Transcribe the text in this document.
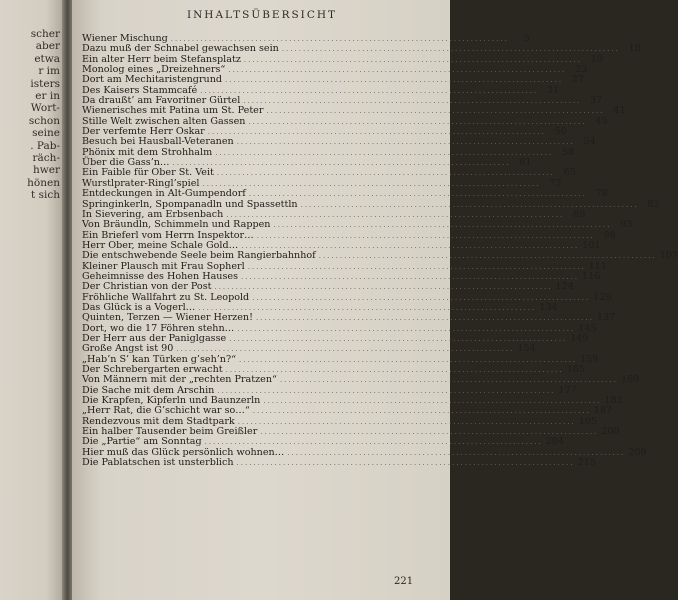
scher
aber
etwa
r im
isters
er in
Wort-
schon
seine
. Pab-
räch-
hwer
hönen
t sich
INHALTSÜBERSICHT
Wiener Mischung ................................................................................	5
Dazu muß der Schnabel gewachsen sein ................................................................................ 10
Ein alter Herr beim Stefansplatz ................................................................................ 19
Monolog eines „Dreizehners“ ................................................................................ 23
Dort am Mechitaristengrund ................................................................................ 27
Des Kaisers Stammcafé ................................................................................ 31
Da draußt’ am Favoritner Gürtel ................................................................................ 37
Wienerisches mit Patina um St. Peter ................................................................................ 41
Stille Welt zwischen alten Gassen ................................................................................ 45
Der verfemte Herr Oskar ................................................................................ 50
Besuch bei Hausball-Veteranen ................................................................................ 54
Phönix mit dem Strohhalm ................................................................................ 58
Über die Gass’n… ................................................................................ 61
Ein Faible für Ober St. Veit ................................................................................ 65
Wurstlprater-Ringl’spiel ................................................................................ 73
Entdeckungen in Alt-Gumpendorf ................................................................................ 78
Springinkerln, Spompanadln und Spassettln ................................................................................ 82
In Sievering, am Erbsenbach ................................................................................ 89
Von Bräundln, Schimmeln und Rappen ................................................................................ 93
Ein Brieferl vom Herrn Inspektor… ................................................................................ 98
Herr Ober, meine Schale Gold… ................................................................................ 101
Die entschwebende Seele beim Rangierbahnhof ................................................................................ 107
Kleiner Plausch mit Frau Sopherl ................................................................................ 111
Geheimnisse des Hohen Hauses ................................................................................ 116
Der Christian von der Post ................................................................................ 124
Fröhliche Wallfahrt zu St. Leopold ................................................................................ 129
Das Glück is a Vogerl… ................................................................................ 134
Quinten, Terzen — Wiener Herzen! ................................................................................ 137
Dort, wo die 17 Föhren stehn… ................................................................................ 145
Der Herr aus der Paniglgasse ................................................................................ 149
Große Angst ist 90 ................................................................................ 154
„Hab’n S’ kan Türken g’seh’n?“ ................................................................................ 159
Der Schrebergarten erwacht ................................................................................ 165
Von Männern mit der „rechten Pratzen“ ................................................................................ 169
Die Sache mit dem Arschin ................................................................................ 177
Die Krapfen, Kipferln und Baunzerln ................................................................................ 183
„Herr Rat, die G’schicht war so…“ ................................................................................ 187
Rendezvous mit dem Stadtpark ................................................................................ 195
Ein halber Tausender beim Greißler ................................................................................ 200
Die „Partie“ am Sonntag ................................................................................ 204
Hier muß das Glück persönlich wohnen… ................................................................................ 209
Die Pablatschen ist unsterblich ................................................................................ 215
221
